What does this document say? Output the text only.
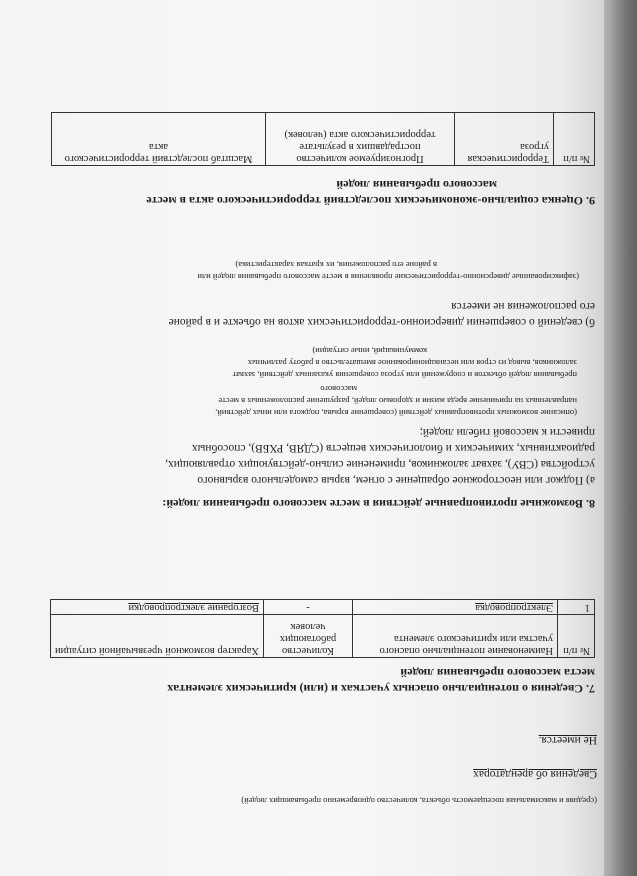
(средняя и максимальная посещаемость объекта, количество одновременно пребывающих людей)
Сведения об арендаторах
Не имеется.
7. Сведения о потенциально опасных участках и (или) критических элементах
места массового пребывания людей
№ п/п	Наименование потенциально опасного участка или критического элемента	Количество работающих человек	Характер возможной чрезвычайной ситуации
1	Электропроводка	-	Возгорание электропроводки
8. Возможные противоправные действия в месте массового пребывания людей:
а) Поджог или неосторожное обращение с огнем, взрыв самодельного взрывного
устройства (СВУ), захват заложников, применение сильно-действующих отравляющих,
радиоактивных, химических и биологических веществ (СДЯВ, РХБВ), способных
привести к массовой гибели людей;
(описание возможных противоправных действий (совершение взрыва, поджога или иных действий,
направленных на причинение вреда жизни и здоровью людей, разрушение расположенных в месте
массового
пребывания людей объектов и сооружений или угроза совершения указанных действий, захват
заложников, вывод из строя или несанкционированное вмешательство в работу различных
коммуникаций, иные ситуации)
б) сведений о совершении диверсионно-террористических актов на объекте и в районе
его расположения не имеется
(зафиксированные диверсионно-террористические проявления в месте массового пребывания людей или
в районе его расположения, их краткая характеристика)
9. Оценка социально-экономических последствий террористического акта в месте
массового пребывания людей
№ п/п	Террористическая угроза	Прогнозируемое количество пострадавших в результате террористического акта (человек)	Масштаб последствий террористического акта
